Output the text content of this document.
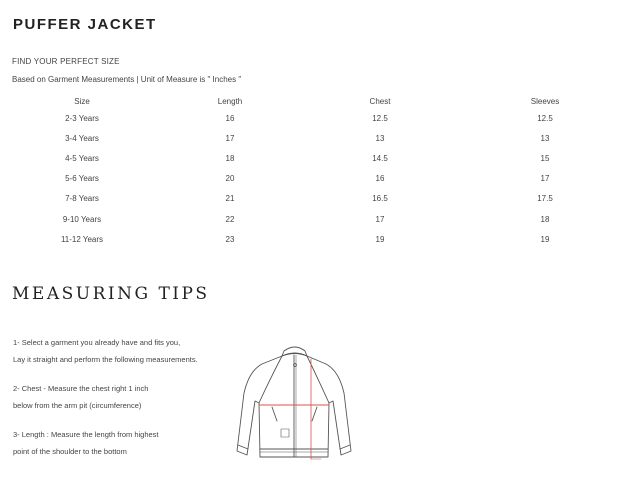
PUFFER JACKET
FIND YOUR PERFECT SIZE
Based on Garment Measurements | Unit of Measure is " Inches "
Size	Length	Chest	Sleeves
2-3 Years	16	12.5	12.5
3-4 Years	17	13	13
4-5 Years	18	14.5	15
5-6 Years	20	16	17
7-8 Years	21	16.5	17.5
9-10 Years	22	17	18
11-12 Years	23	19	19
MEASURING TIPS
1- Select a garment you already have and fits you,
Lay it straight and perform the following measurements.
2- Chest - Measure the chest right 1 inch
below from the arm pit (circumference)
3- Length : Measure the length from highest
point of the shoulder to the bottom
